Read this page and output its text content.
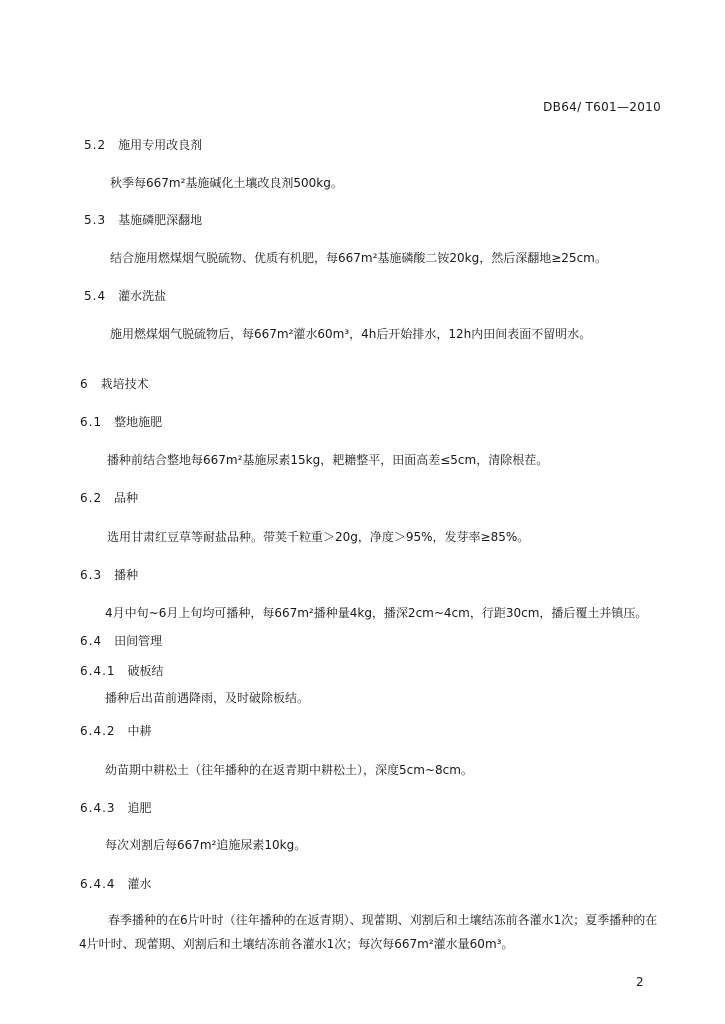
DB64/ T601—2010
5.2 施用专用改良剂
秋季每667m²基施碱化土壤改良剂500kg。
5.3 基施磷肥深翻地
结合施用燃煤烟气脱硫物、优质有机肥，每667m²基施磷酸二铵20kg，然后深翻地≥25cm。
5.4 灌水洗盐
施用燃煤烟气脱硫物后，每667m²灌水60m³，4h后开始排水，12h内田间表面不留明水。
6 栽培技术
6.1 整地施肥
播种前结合整地每667m²基施尿素15kg，耙耱整平，田面高差≤5cm，清除根茬。
6.2 品种
选用甘肃红豆草等耐盐品种。带荚千粒重＞20g，净度＞95%，发芽率≥85%。
6.3 播种
4月中旬~6月上旬均可播种，每667m²播种量4kg，播深2cm~4cm，行距30cm，播后覆土并镇压。
6.4 田间管理
6.4.1 破板结
播种后出苗前遇降雨，及时破除板结。
6.4.2 中耕
幼苗期中耕松土（往年播种的在返青期中耕松土），深度5cm~8cm。
6.4.3 追肥
每次刈割后每667m²追施尿素10kg。
6.4.4 灌水
春季播种的在6片叶时（往年播种的在返青期）、现蕾期、刈割后和土壤结冻前各灌水1次；夏季播种的在4片叶时、现蕾期、刈割后和土壤结冻前各灌水1次；每次每667m²灌水量60m³。
2
